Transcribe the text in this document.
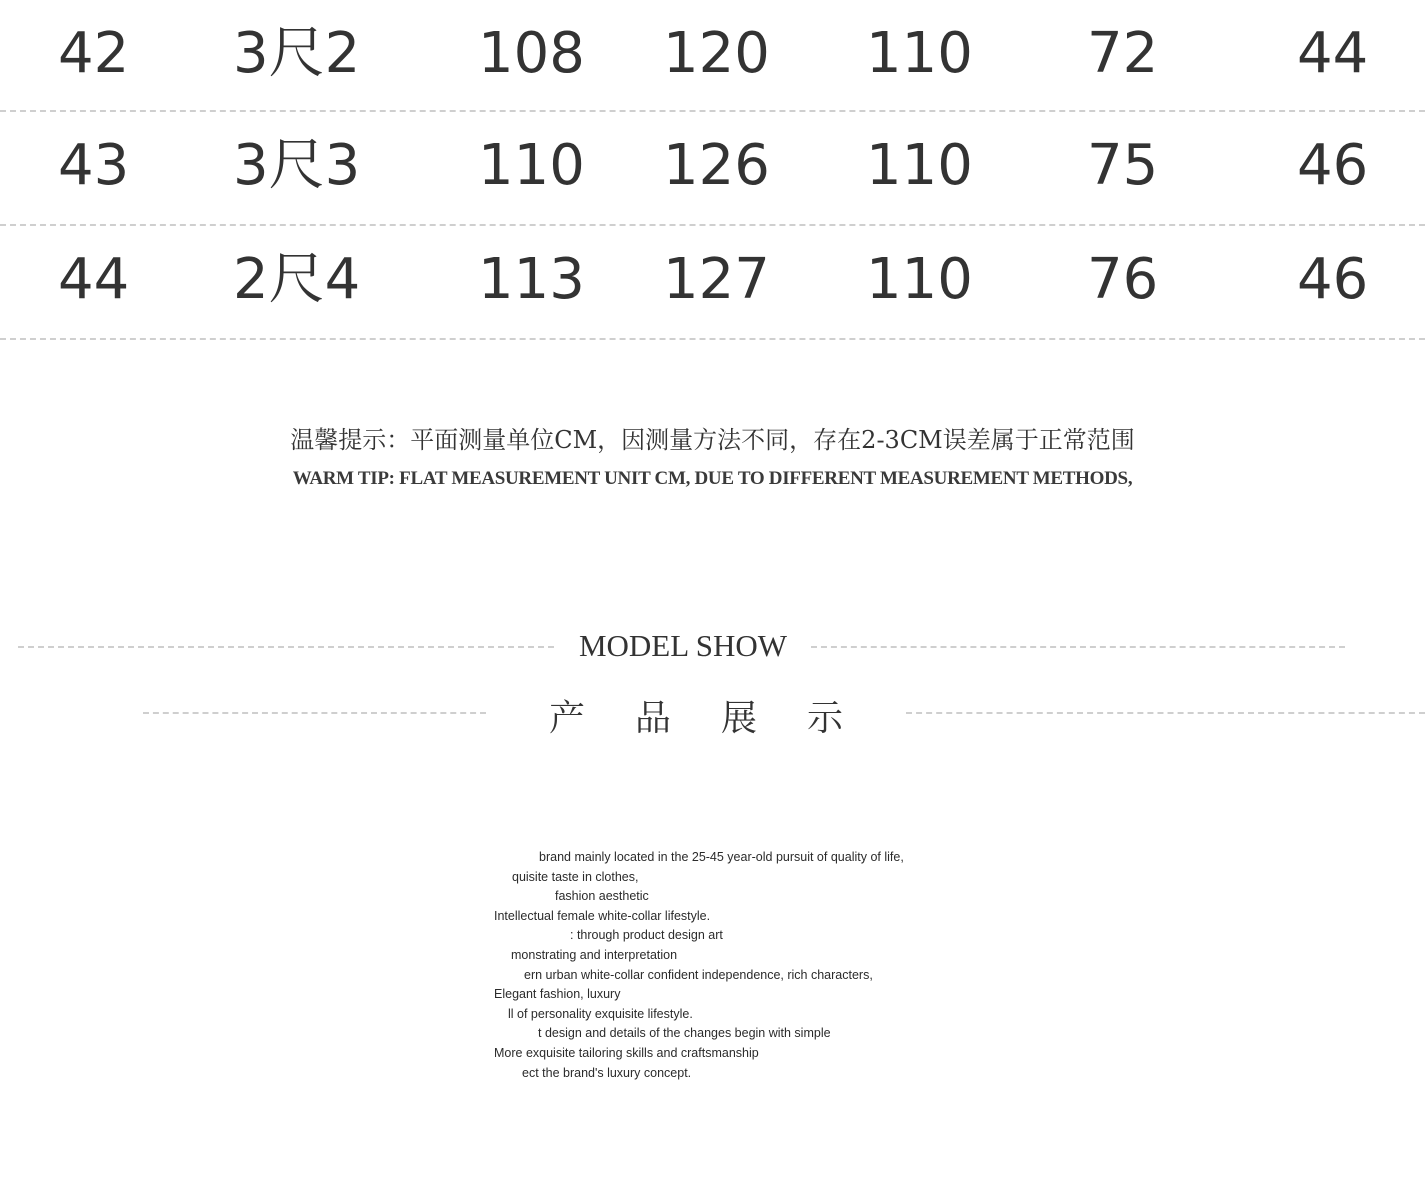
42 3尺2 108 120 110 72 44
43 3尺3 110 126 110 75 46
44 2尺4 113 127 110 76 46
温馨提示：平面测量单位CM，因测量方法不同，存在2-3CM误差属于正常范围
WARM TIP: FLAT MEASUREMENT UNIT CM, DUE TO DIFFERENT MEASUREMENT METHODS,
MODEL SHOW
产品展示
brand mainly located in the 25-45 year-old pursuit of quality of life,
quisite taste in clothes,
fashion aesthetic
Intellectual female white-collar lifestyle.
: through product design art
monstrating and interpretation
ern urban white-collar confident independence, rich characters,
Elegant fashion, luxury
ll of personality exquisite lifestyle.
t design and details of the changes begin with simple
More exquisite tailoring skills and craftsmanship
ect the brand's luxury concept.
